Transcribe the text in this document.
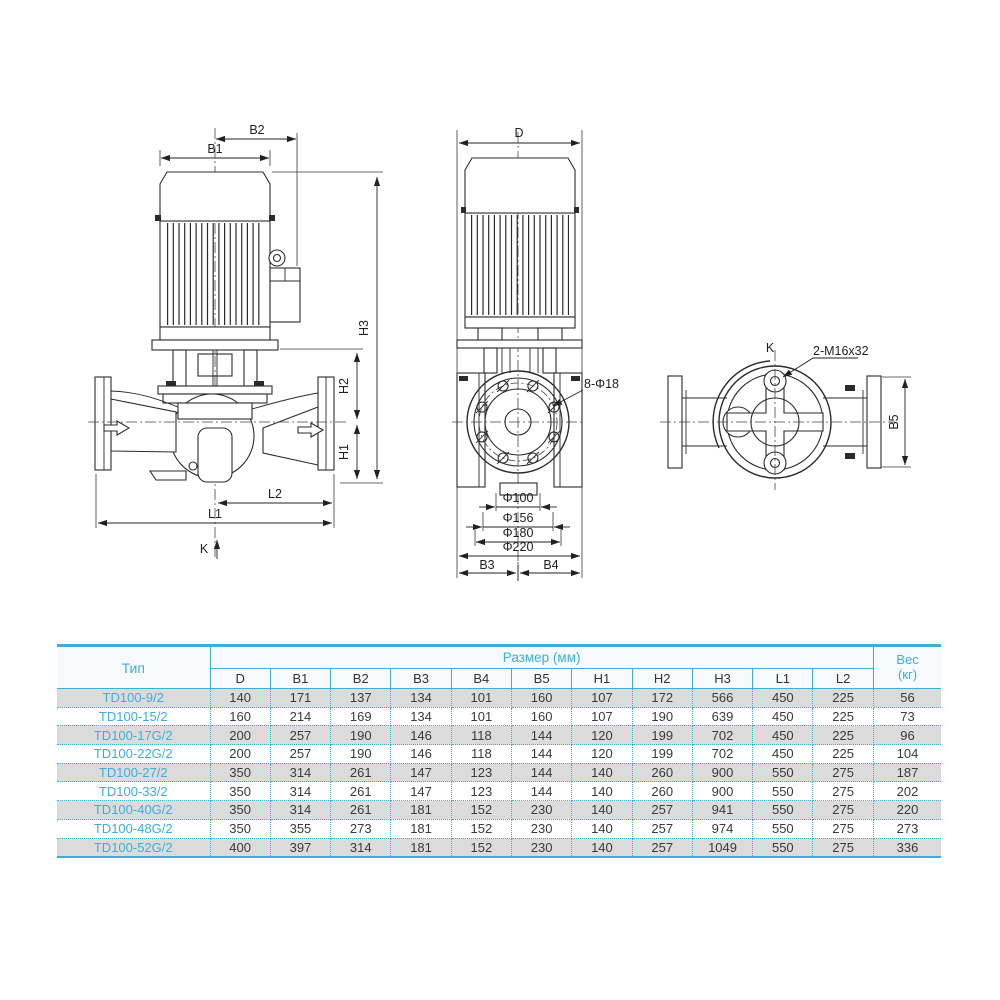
B2
B1
H3
H2
H1
L2
L1
K
D
8-Φ18
Φ100
Φ156
Φ180
Φ220
B3	B4
K	2-M16x32
B5
Тип	Размер (мм)											Вес
(кг)

	D	B1	B2	B3	B4	B5	H1	H2	H3	L1	L2	
TD100-9/2	140	171	137	134	101	160	107	172	566	450	225	56
TD100-15/2	160	214	169	134	101	160	107	190	639	450	225	73
TD100-17G/2	200	257	190	146	118	144	120	199	702	450	225	96
TD100-22G/2	200	257	190	146	118	144	120	199	702	450	225	104
TD100-27/2	350	314	261	147	123	144	140	260	900	550	275	187
TD100-33/2	350	314	261	147	123	144	140	260	900	550	275	202
TD100-40G/2	350	314	261	181	152	230	140	257	941	550	275	220
TD100-48G/2	350	355	273	181	152	230	140	257	974	550	275	273
TD100-52G/2	400	397	314	181	152	230	140	257	1049	550	275	336
